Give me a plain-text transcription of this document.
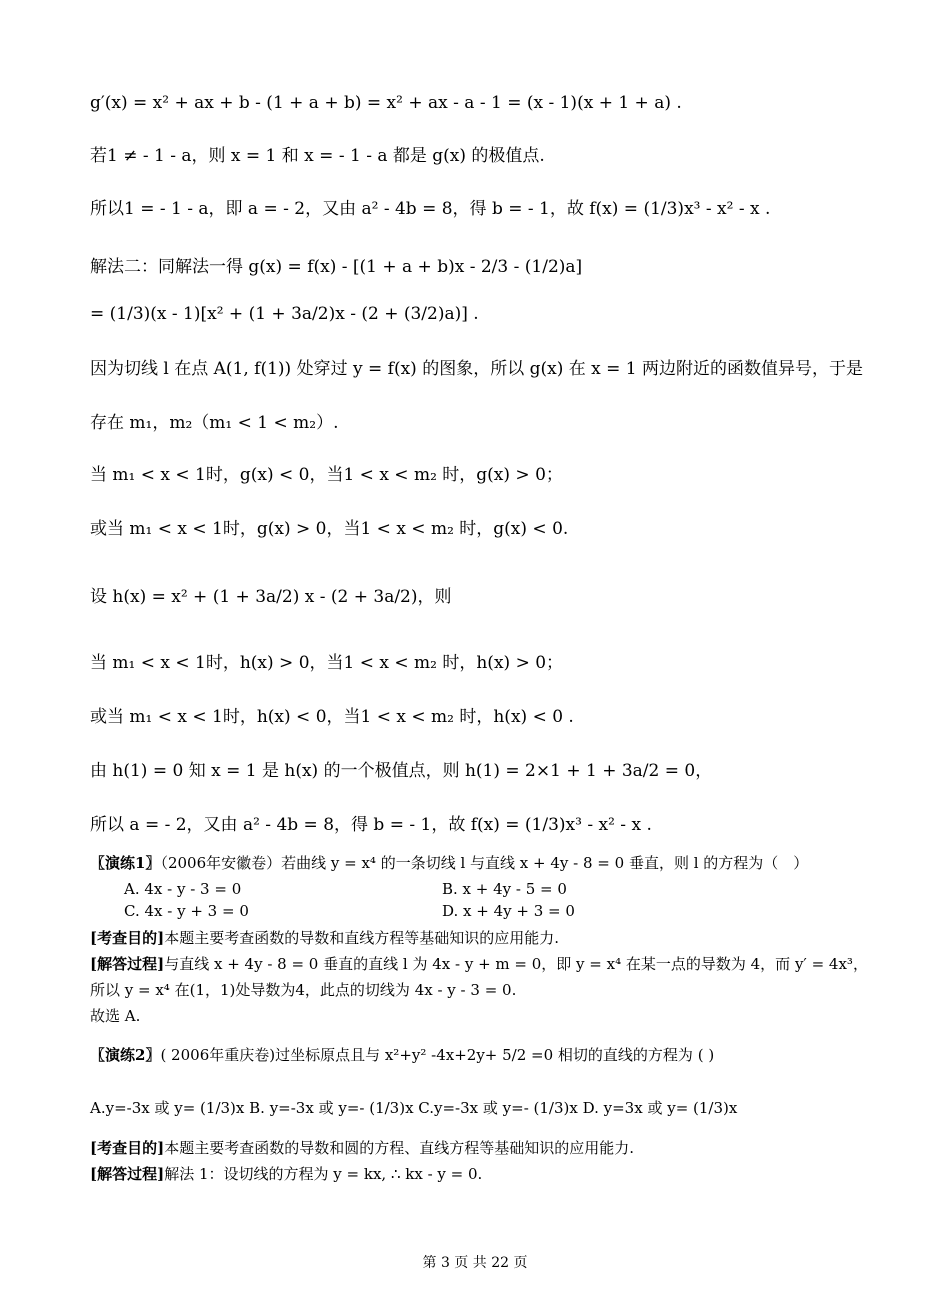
g′(x) = x² + ax + b - (1 + a + b) = x² + ax - a - 1 = (x - 1)(x + 1 + a) .
若1 ≠ - 1 - a，则 x = 1 和 x = - 1 - a 都是 g(x) 的极值点.
所以1 = - 1 - a，即 a = - 2，又由 a² - 4b = 8，得 b = - 1，故 f(x) = (1/3)x³ - x² - x .
解法二：同解法一得 g(x) = f(x) - [(1 + a + b)x - 2/3 - (1/2)a]
= (1/3)(x - 1)[x² + (1 + 3a/2)x - (2 + (3/2)a)] .
因为切线 l 在点 A(1, f(1)) 处穿过 y = f(x) 的图象，所以 g(x) 在 x = 1 两边附近的函数值异号，于是
存在 m₁，m₂（m₁ < 1 < m₂）.
当 m₁ < x < 1时，g(x) < 0，当1 < x < m₂ 时，g(x) > 0；
或当 m₁ < x < 1时，g(x) > 0，当1 < x < m₂ 时，g(x) < 0.
设 h(x) = x² + (1 + 3a/2) x - (2 + 3a/2)，则
当 m₁ < x < 1时，h(x) > 0，当1 < x < m₂ 时，h(x) > 0；
或当 m₁ < x < 1时，h(x) < 0，当1 < x < m₂ 时，h(x) < 0 .
由 h(1) = 0 知 x = 1 是 h(x) 的一个极值点，则 h(1) = 2×1 + 1 + 3a/2 = 0，
所以 a = - 2，又由 a² - 4b = 8，得 b = - 1，故 f(x) = (1/3)x³ - x² - x .
〖演练1〗（2006年安徽卷）若曲线 y = x⁴ 的一条切线 l 与直线 x + 4y - 8 = 0 垂直，则 l 的方程为（　）
A. 4x - y - 3 = 0	B. x + 4y - 5 = 0
C. 4x - y + 3 = 0	D. x + 4y + 3 = 0
[考查目的]本题主要考查函数的导数和直线方程等基础知识的应用能力.
[解答过程]与直线 x + 4y - 8 = 0 垂直的直线 l 为 4x - y + m = 0，即 y = x⁴ 在某一点的导数为 4，而 y′ = 4x³，
所以 y = x⁴ 在(1，1)处导数为4，此点的切线为 4x - y - 3 = 0.
故选 A.
〖演练2〗( 2006年重庆卷)过坐标原点且与 x²+y² -4x+2y+ 5/2 =0 相切的直线的方程为 ( )
A.y=-3x 或 y= (1/3)x B. y=-3x 或 y=- (1/3)x C.y=-3x 或 y=- (1/3)x D. y=3x 或 y= (1/3)x
[考查目的]本题主要考查函数的导数和圆的方程、直线方程等基础知识的应用能力.
[解答过程]解法 1：设切线的方程为 y = kx, ∴ kx - y = 0.
第 3 页 共 22 页
